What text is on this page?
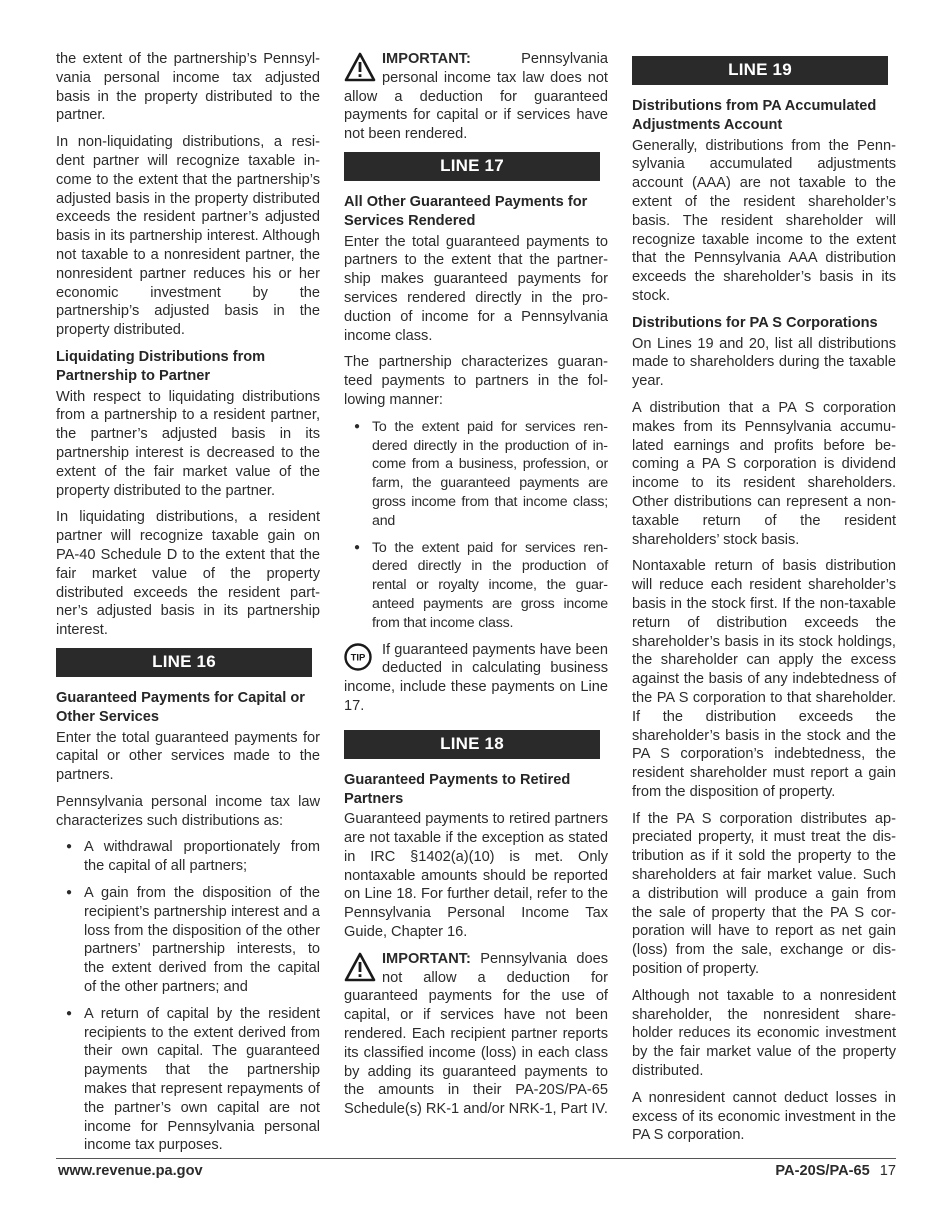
the extent of the partnership’s Pennsylvania personal income tax adjusted basis in the property distributed to the partner.

In non-liquidating distributions, a resident partner will recognize taxable income to the extent that the partnership’s adjusted basis in the property distributed exceeds the resident partner’s adjusted basis in its partnership interest. Although not taxable to a nonresident partner, the nonresident partner reduces his or her economic investment by the partnership’s adjusted basis in the property distributed.

Liquidating Distributions from Partnership to Partner

With respect to liquidating distributions from a partnership to a resident partner, the partner’s adjusted basis in its partnership interest is decreased to the extent of the fair market value of the property distributed to the partner.

In liquidating distributions, a resident partner will recognize taxable gain on PA-40 Schedule D to the extent that the fair market value of the property distributed exceeds the resident partner’s adjusted basis in its partnership interest.

LINE 16
Guaranteed Payments for Capital or Other Services

Enter the total guaranteed payments for capital or other services made to the partners.

Pennsylvania personal income tax law characterizes such distributions as:

● A withdrawal proportionately from the capital of all partners;
● A gain from the disposition of the recipient’s partnership interest and a loss from the disposition of the other partners’ partnership interests, to the extent derived from the capital of the other partners; and
● A return of capital by the resident recipients to the extent derived from their own capital. The guaranteed payments that the partnership makes that represent repayments of the partner’s own capital are not income for Pennsylvania personal income tax purposes.

IMPORTANT: Pennsylvania personal income tax law does not allow a deduction for guaranteed payments for capital or if services have not been rendered.

LINE 17
All Other Guaranteed Payments for Services Rendered

Enter the total guaranteed payments to partners to the extent that the partnership makes guaranteed payments for services rendered directly in the production of income for a Pennsylvania income class.

The partnership characterizes guaranteed payments to partners in the following manner:

● To the extent paid for services rendered directly in the production of income from a business, profession, or farm, the guaranteed payments are gross income from that income class; and
● To the extent paid for services rendered directly in the production of rental or royalty income, the guaranteed payments are gross income from that income class.
TIP

If guaranteed payments have been deducted in calculating business income, include these payments on Line 17.

LINE 18
Guaranteed Payments to Retired Partners

Guaranteed payments to retired partners are not taxable if the exception as stated in IRC §1402(a)(10) is met. Only nontaxable amounts should be reported on Line 18. For further detail, refer to the Pennsylvania Personal Income Tax Guide, Chapter 16.

IMPORTANT: Pennsylvania does not allow a deduction for guaranteed payments for the use of capital, or if services have not been rendered. Each recipient partner reports its classified income (loss) in each class by adding its guaranteed payments to the amounts in their PA-20S/PA-65 Schedule(s) RK-1 and/or NRK-1, Part IV.

LINE 19
Distributions from PA Accumulated Adjustments Account

Generally, distributions from the Pennsylvania accumulated adjustments account (AAA) are not taxable to the extent of the resident shareholder’s basis. The resident shareholder will recognize taxable income to the extent that the Pennsylvania AAA distribution exceeds the shareholder’s basis in its stock.

Distributions for PA S Corporations

On Lines 19 and 20, list all distributions made to shareholders during the taxable year.

A distribution that a PA S corporation makes from its Pennsylvania accumulated earnings and profits before becoming a PA S corporation is dividend income to its resident shareholders. Other distributions can represent a non-taxable return of the resident shareholders’ stock basis.

Nontaxable return of basis distribution will reduce each resident shareholder’s basis in the stock first. If the non-taxable return of distribution exceeds the shareholder’s basis in its stock holdings, the shareholder can apply the excess against the basis of any indebtedness of the PA S corporation to that shareholder. If the distribution exceeds the shareholder’s basis in the stock and the PA S corporation’s indebtedness, the resident shareholder must report a gain from the disposition of property.

If the PA S corporation distributes appreciated property, it must treat the distribution as if it sold the property to the shareholders at fair market value. Such a distribution will produce a gain from the sale of property that the PA S corporation will have to report as net gain (loss) from the sale, exchange or disposition of property.

Although not taxable to a nonresident shareholder, the nonresident shareholder reduces its economic investment by the fair market value of the property distributed.

A nonresident cannot deduct losses in excess of its economic investment in the PA S corporation.

www.revenue.pa.gov	PA-20S/PA-65 17
